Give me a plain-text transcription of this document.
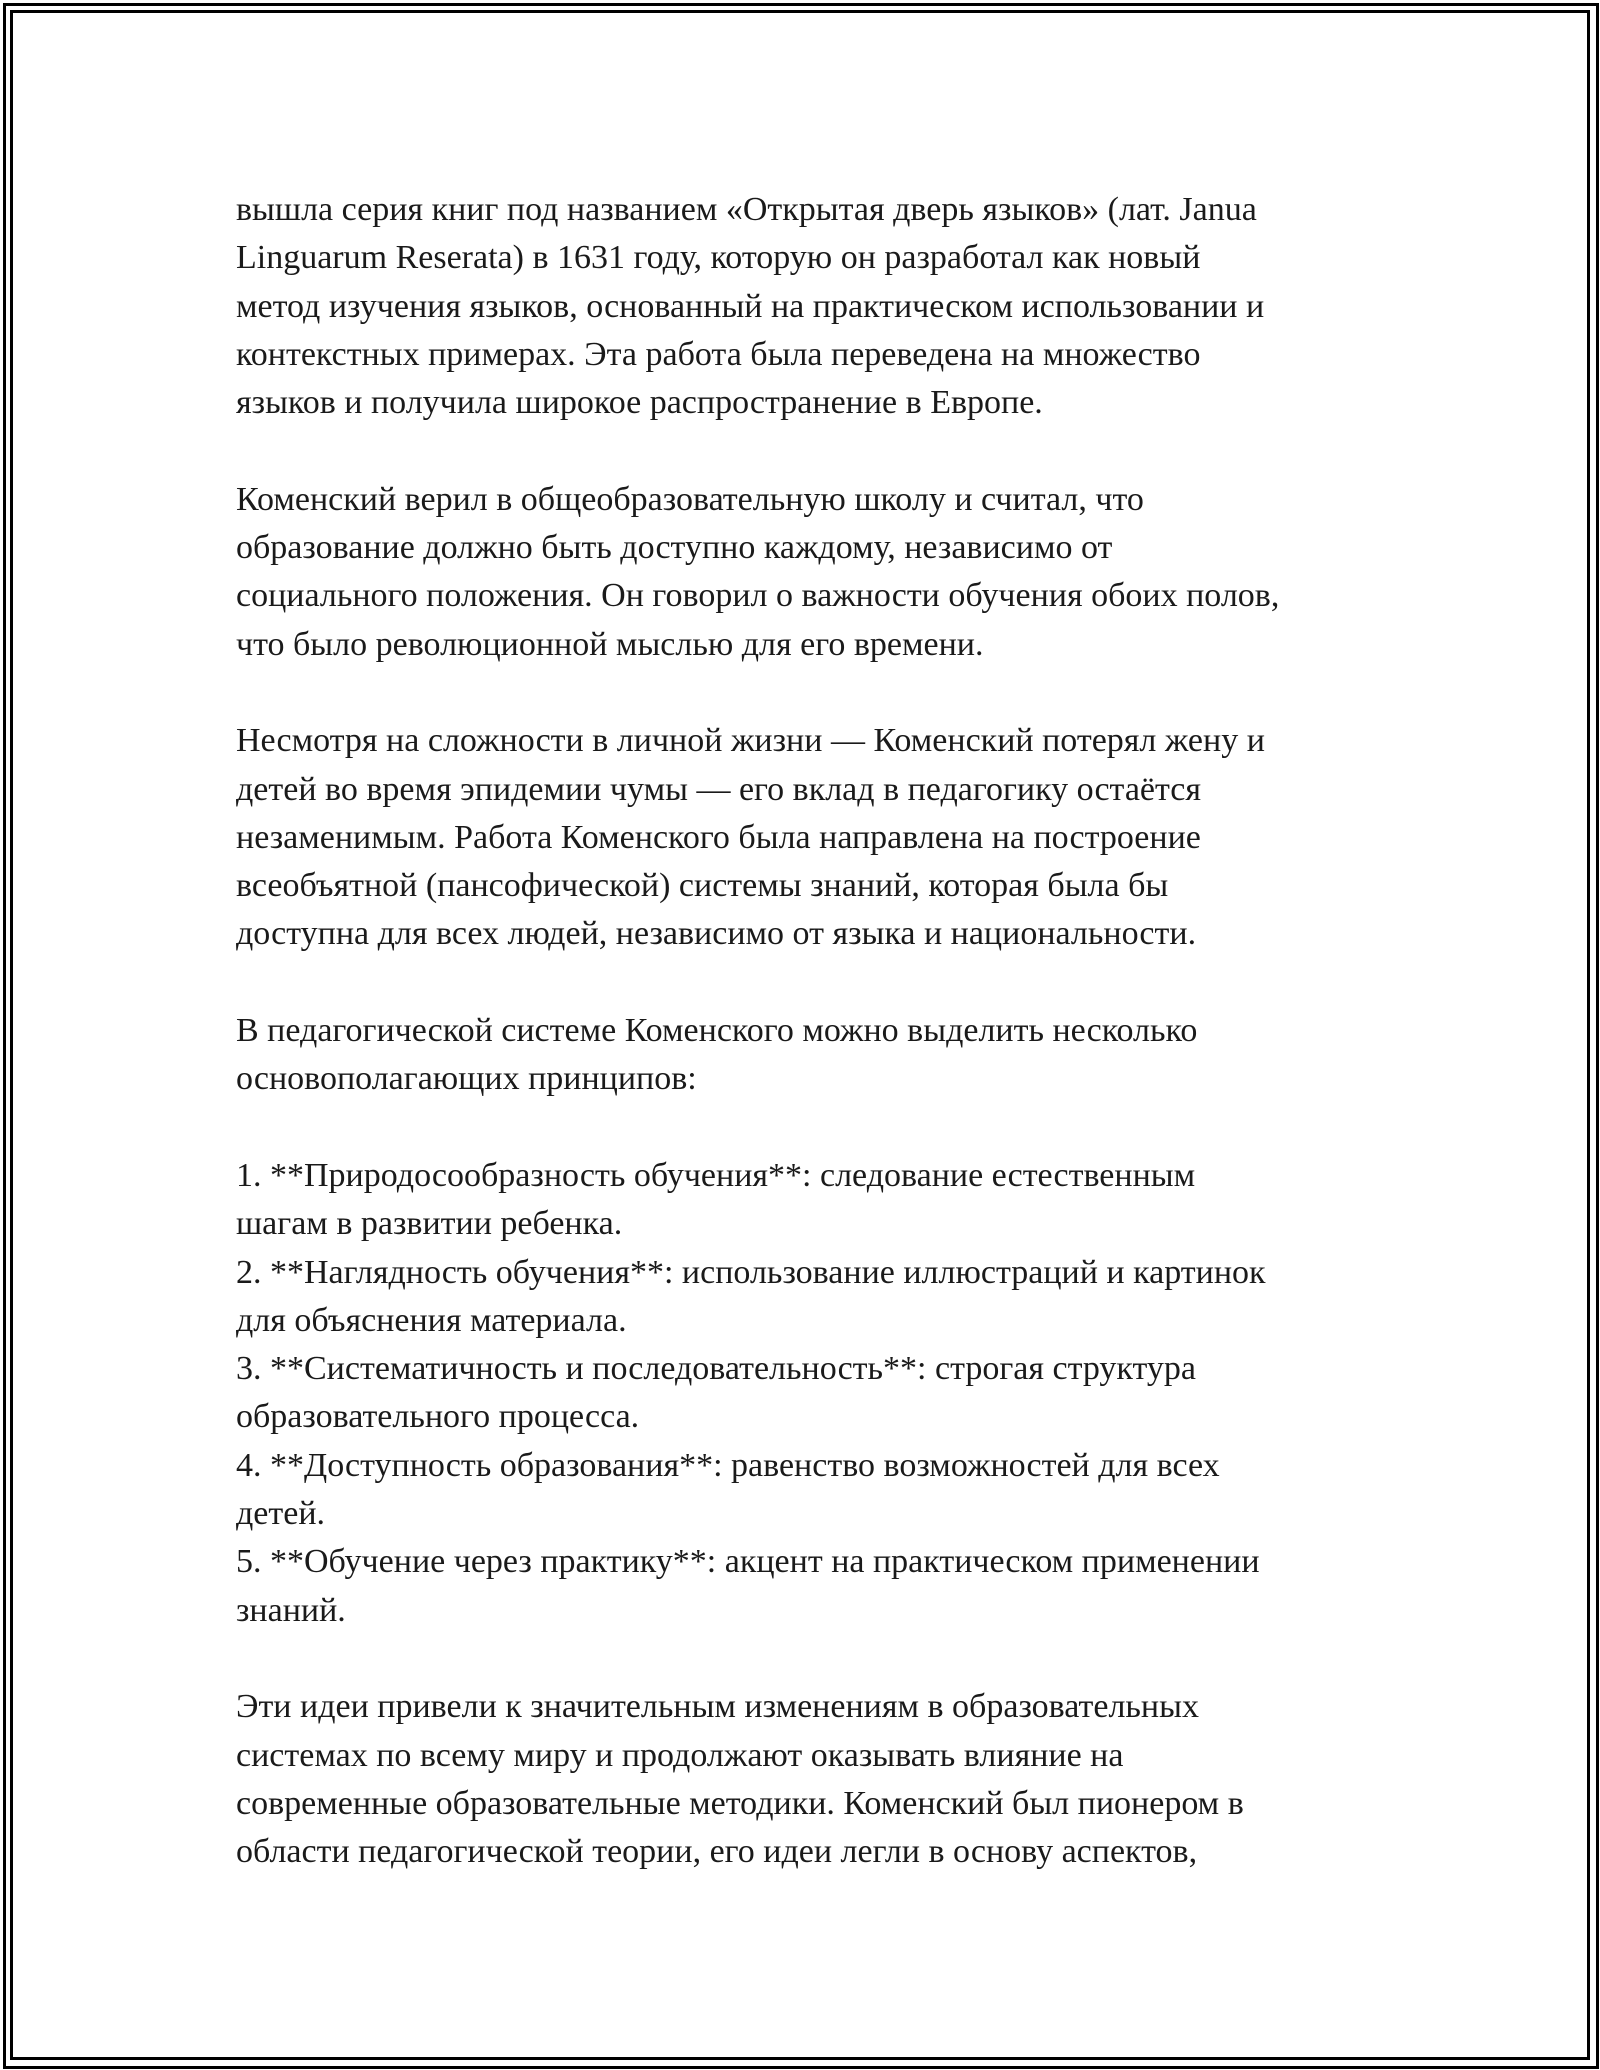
вышла серия книг под названием «Открытая дверь языков» (лат. Janua
Linguarum Reserata) в 1631 году, которую он разработал как новый
метод изучения языков, основанный на практическом использовании и
контекстных примерах. Эта работа была переведена на множество
языков и получила широкое распространение в Европе.

Коменский верил в общеобразовательную школу и считал, что
образование должно быть доступно каждому, независимо от
социального положения. Он говорил о важности обучения обоих полов,
что было революционной мыслью для его времени.

Несмотря на сложности в личной жизни — Коменский потерял жену и
детей во время эпидемии чумы — его вклад в педагогику остаётся
незаменимым. Работа Коменского была направлена на построение
всеобъятной (пансофической) системы знаний, которая была бы
доступна для всех людей, независимо от языка и национальности.

В педагогической системе Коменского можно выделить несколько
основополагающих принципов:

1. **Природосообразность обучения**: следование естественным
шагам в развитии ребенка.
2. **Наглядность обучения**: использование иллюстраций и картинок
для объяснения материала.
3. **Систематичность и последовательность**: строгая структура
образовательного процесса.
4. **Доступность образования**: равенство возможностей для всех
детей.
5. **Обучение через практику**: акцент на практическом применении
знаний.

Эти идеи привели к значительным изменениям в образовательных
системах по всему миру и продолжают оказывать влияние на
современные образовательные методики. Коменский был пионером в
области педагогической теории, его идеи легли в основу аспектов,
